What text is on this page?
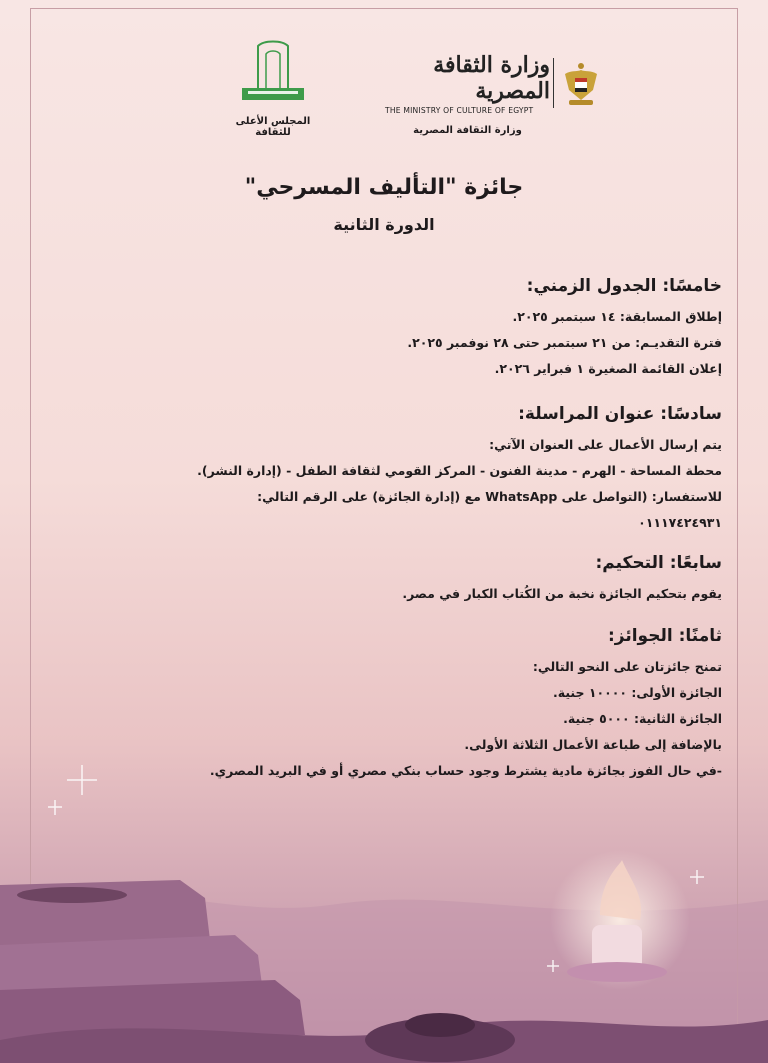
المجلس الأعلى للثقافة
وزارة الثقافة المصرية
THE MINISTRY OF CULTURE OF EGYPT
وزارة الثقافة المصرية
جائزة "التأليف المسرحي"
الدورة الثانية
خامسًا: الجدول الزمني:

إطلاق المسابقة: ١٤ سبتمبر ٢٠٢٥.

فترة التقديـم: من ٢١ سبتمبر حتى ٢٨ نوفمبر ٢٠٢٥.

إعلان القائمة الصغيرة ١ فبراير ٢٠٢٦.

سادسًا: عنوان المراسلة:

يتم إرسال الأعمال على العنوان الآتي:

محطة المساحة - الهرم - مدينة الفنون - المركز القومي لثقافة الطفل - (إدارة النشر).

للاستفسار: (التواصل على WhatsApp مع (إدارة الجائزة) على الرقم التالي:

٠١١١٧٤٢٤٩٣١

سابعًا: التحكيم:

يقوم بتحكيم الجائزة نخبة من الكُتاب الكبار في مصر.

ثامنًا: الجوائز:

تمنح جائزتان على النحو التالي:

الجائزة الأولى: ١٠٠٠٠ جنية.

الجائزة الثانية: ٥٠٠٠ جنية.

بالإضافة إلى طباعة الأعمال الثلاثة الأولى.

-في حال الفوز بجائزة مادية يشترط وجود حساب بنكي مصري أو في البريد المصري.
